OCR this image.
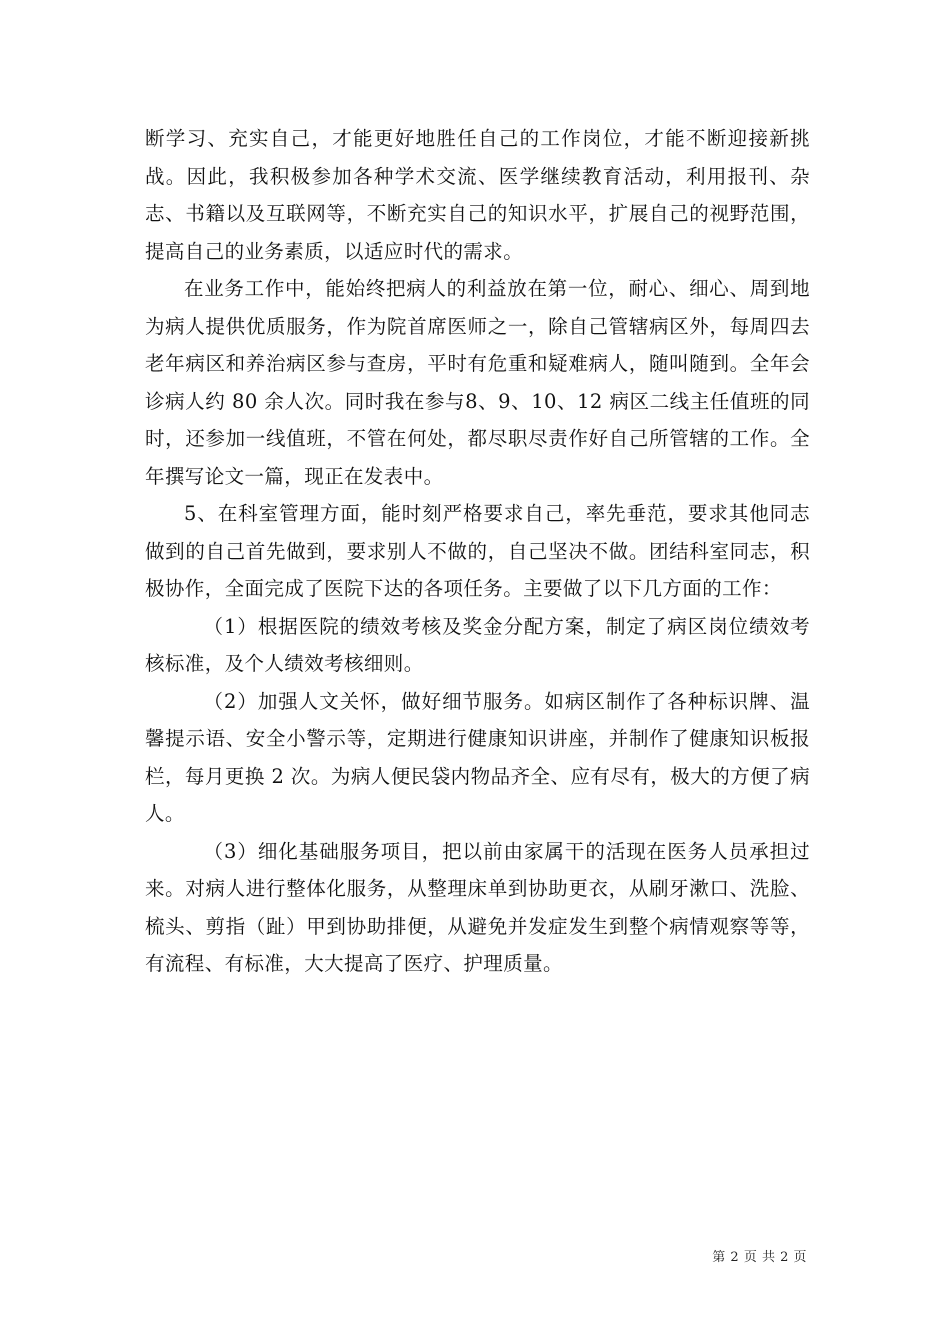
断学习、充实自己，才能更好地胜任自己的工作岗位，才能不断迎接新挑战。因此，我积极参加各种学术交流、医学继续教育活动，利用报刊、杂志、书籍以及互联网等，不断充实自己的知识水平，扩展自己的视野范围，提高自己的业务素质，以适应时代的需求。

在业务工作中，能始终把病人的利益放在第一位，耐心、细心、周到地为病人提供优质服务，作为院首席医师之一，除自己管辖病区外，每周四去老年病区和养治病区参与查房，平时有危重和疑难病人，随叫随到。全年会诊病人约 80 余人次。同时我在参与8、9、10、12 病区二线主任值班的同时，还参加一线值班，不管在何处，都尽职尽责作好自己所管辖的工作。全年撰写论文一篇，现正在发表中。

5、在科室管理方面，能时刻严格要求自己，率先垂范，要求其他同志做到的自己首先做到，要求别人不做的，自己坚决不做。团结科室同志，积极协作，全面完成了医院下达的各项任务。主要做了以下几方面的工作：

（1）根据医院的绩效考核及奖金分配方案，制定了病区岗位绩效考核标准，及个人绩效考核细则。

（2）加强人文关怀，做好细节服务。如病区制作了各种标识牌、温馨提示语、安全小警示等，定期进行健康知识讲座，并制作了健康知识板报栏，每月更换 2 次。为病人便民袋内物品齐全、应有尽有，极大的方便了病人。

（3）细化基础服务项目，把以前由家属干的活现在医务人员承担过来。对病人进行整体化服务，从整理床单到协助更衣，从刷牙漱口、洗脸、梳头、剪指（趾）甲到协助排便，从避免并发症发生到整个病情观察等等，有流程、有标准，大大提高了医疗、护理质量。

第 2 页 共 2 页
